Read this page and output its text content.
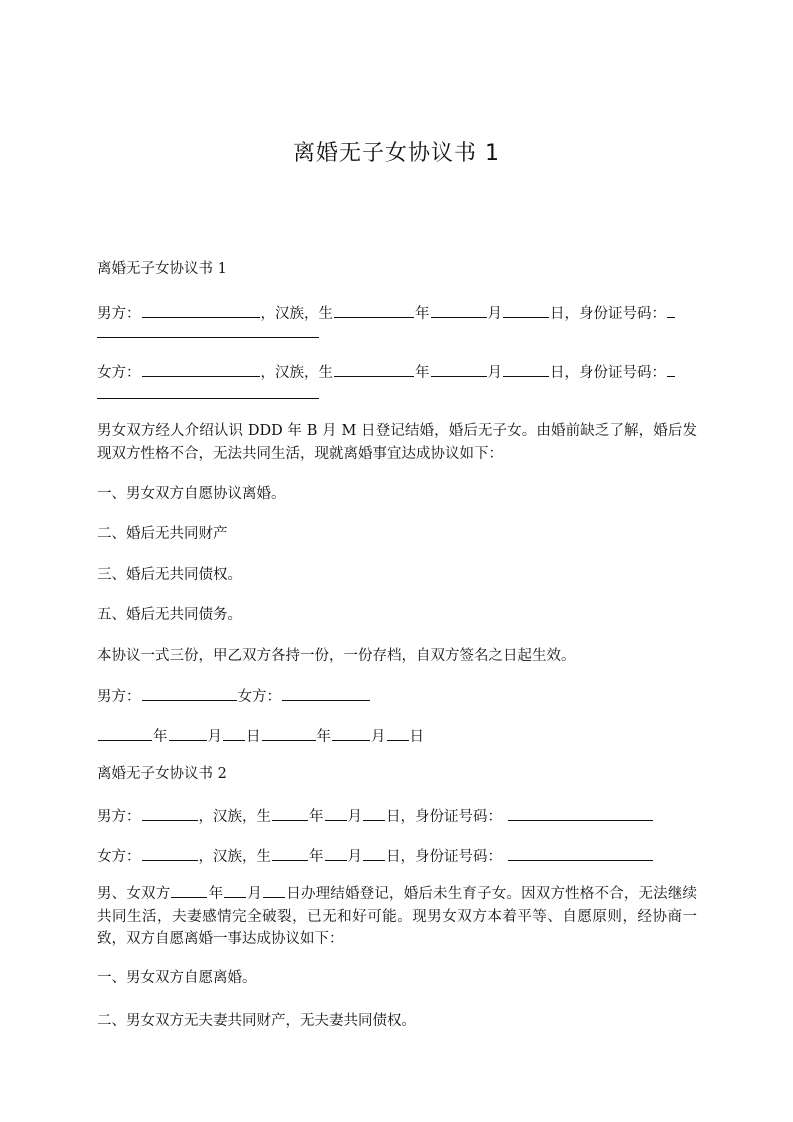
离婚无子女协议书 1
离婚无子女协议书 1
男方：	，汉族，生	年	月	日，身份证号码：
女方：	，汉族，生	年	月	日，身份证号码：
男女双方经人介绍认识 DDD 年 B 月 M 日登记结婚，婚后无子女。由婚前缺乏了解，婚后发现双方性格不合，无法共同生活，现就离婚事宜达成协议如下：
一、男女双方自愿协议离婚。
二、婚后无共同财产
三、婚后无共同债权。
五、婚后无共同债务。
本协议一式三份，甲乙双方各持一份，一份存档，自双方签名之日起生效。
男方：	女方：
年	月 日	年	月 日
离婚无子女协议书 2
男方：	，汉族，生	年 月 日，身份证号码：
女方：	，汉族，生	年 月 日，身份证号码：
男、女双方	年 月 日办理结婚登记，婚后未生育子女。因双方性格不合，无法继续共同生活，夫妻感情完全破裂，已无和好可能。现男女双方本着平等、自愿原则，经协商一致，双方自愿离婚一事达成协议如下：
一、男女双方自愿离婚。
二、男女双方无夫妻共同财产，无夫妻共同债权。
